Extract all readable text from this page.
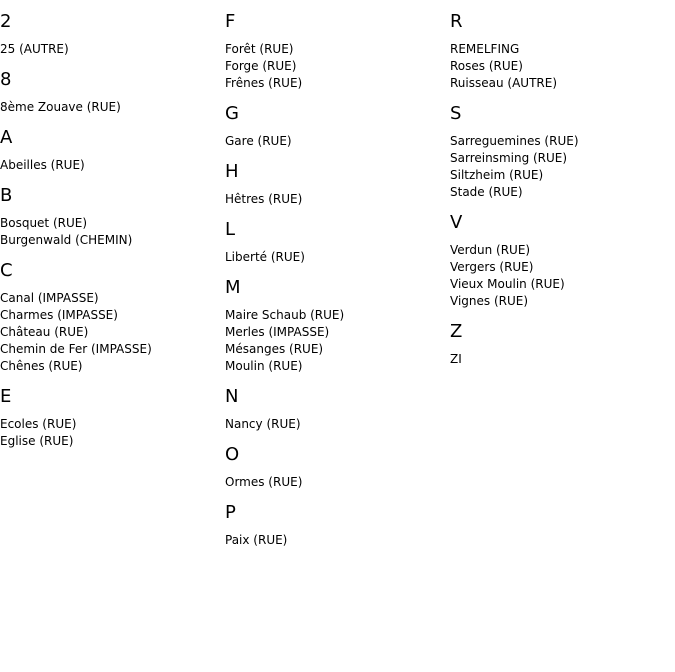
2
25 (AUTRE)
8
8ème Zouave (RUE)
A
Abeilles (RUE)
B
Bosquet (RUE)
Burgenwald (CHEMIN)
C
Canal (IMPASSE)
Charmes (IMPASSE)
Château (RUE)
Chemin de Fer (IMPASSE)
Chênes (RUE)
E
Ecoles (RUE)
Eglise (RUE)
F
Forêt (RUE)
Forge (RUE)
Frênes (RUE)
G
Gare (RUE)
H
Hêtres (RUE)
L
Liberté (RUE)
M
Maire Schaub (RUE)
Merles (IMPASSE)
Mésanges (RUE)
Moulin (RUE)
N
Nancy (RUE)
O
Ormes (RUE)
P
Paix (RUE)
R
REMELFING
Roses (RUE)
Ruisseau (AUTRE)
S
Sarreguemines (RUE)
Sarreinsming (RUE)
Siltzheim (RUE)
Stade (RUE)
V
Verdun (RUE)
Vergers (RUE)
Vieux Moulin (RUE)
Vignes (RUE)
Z
ZI
